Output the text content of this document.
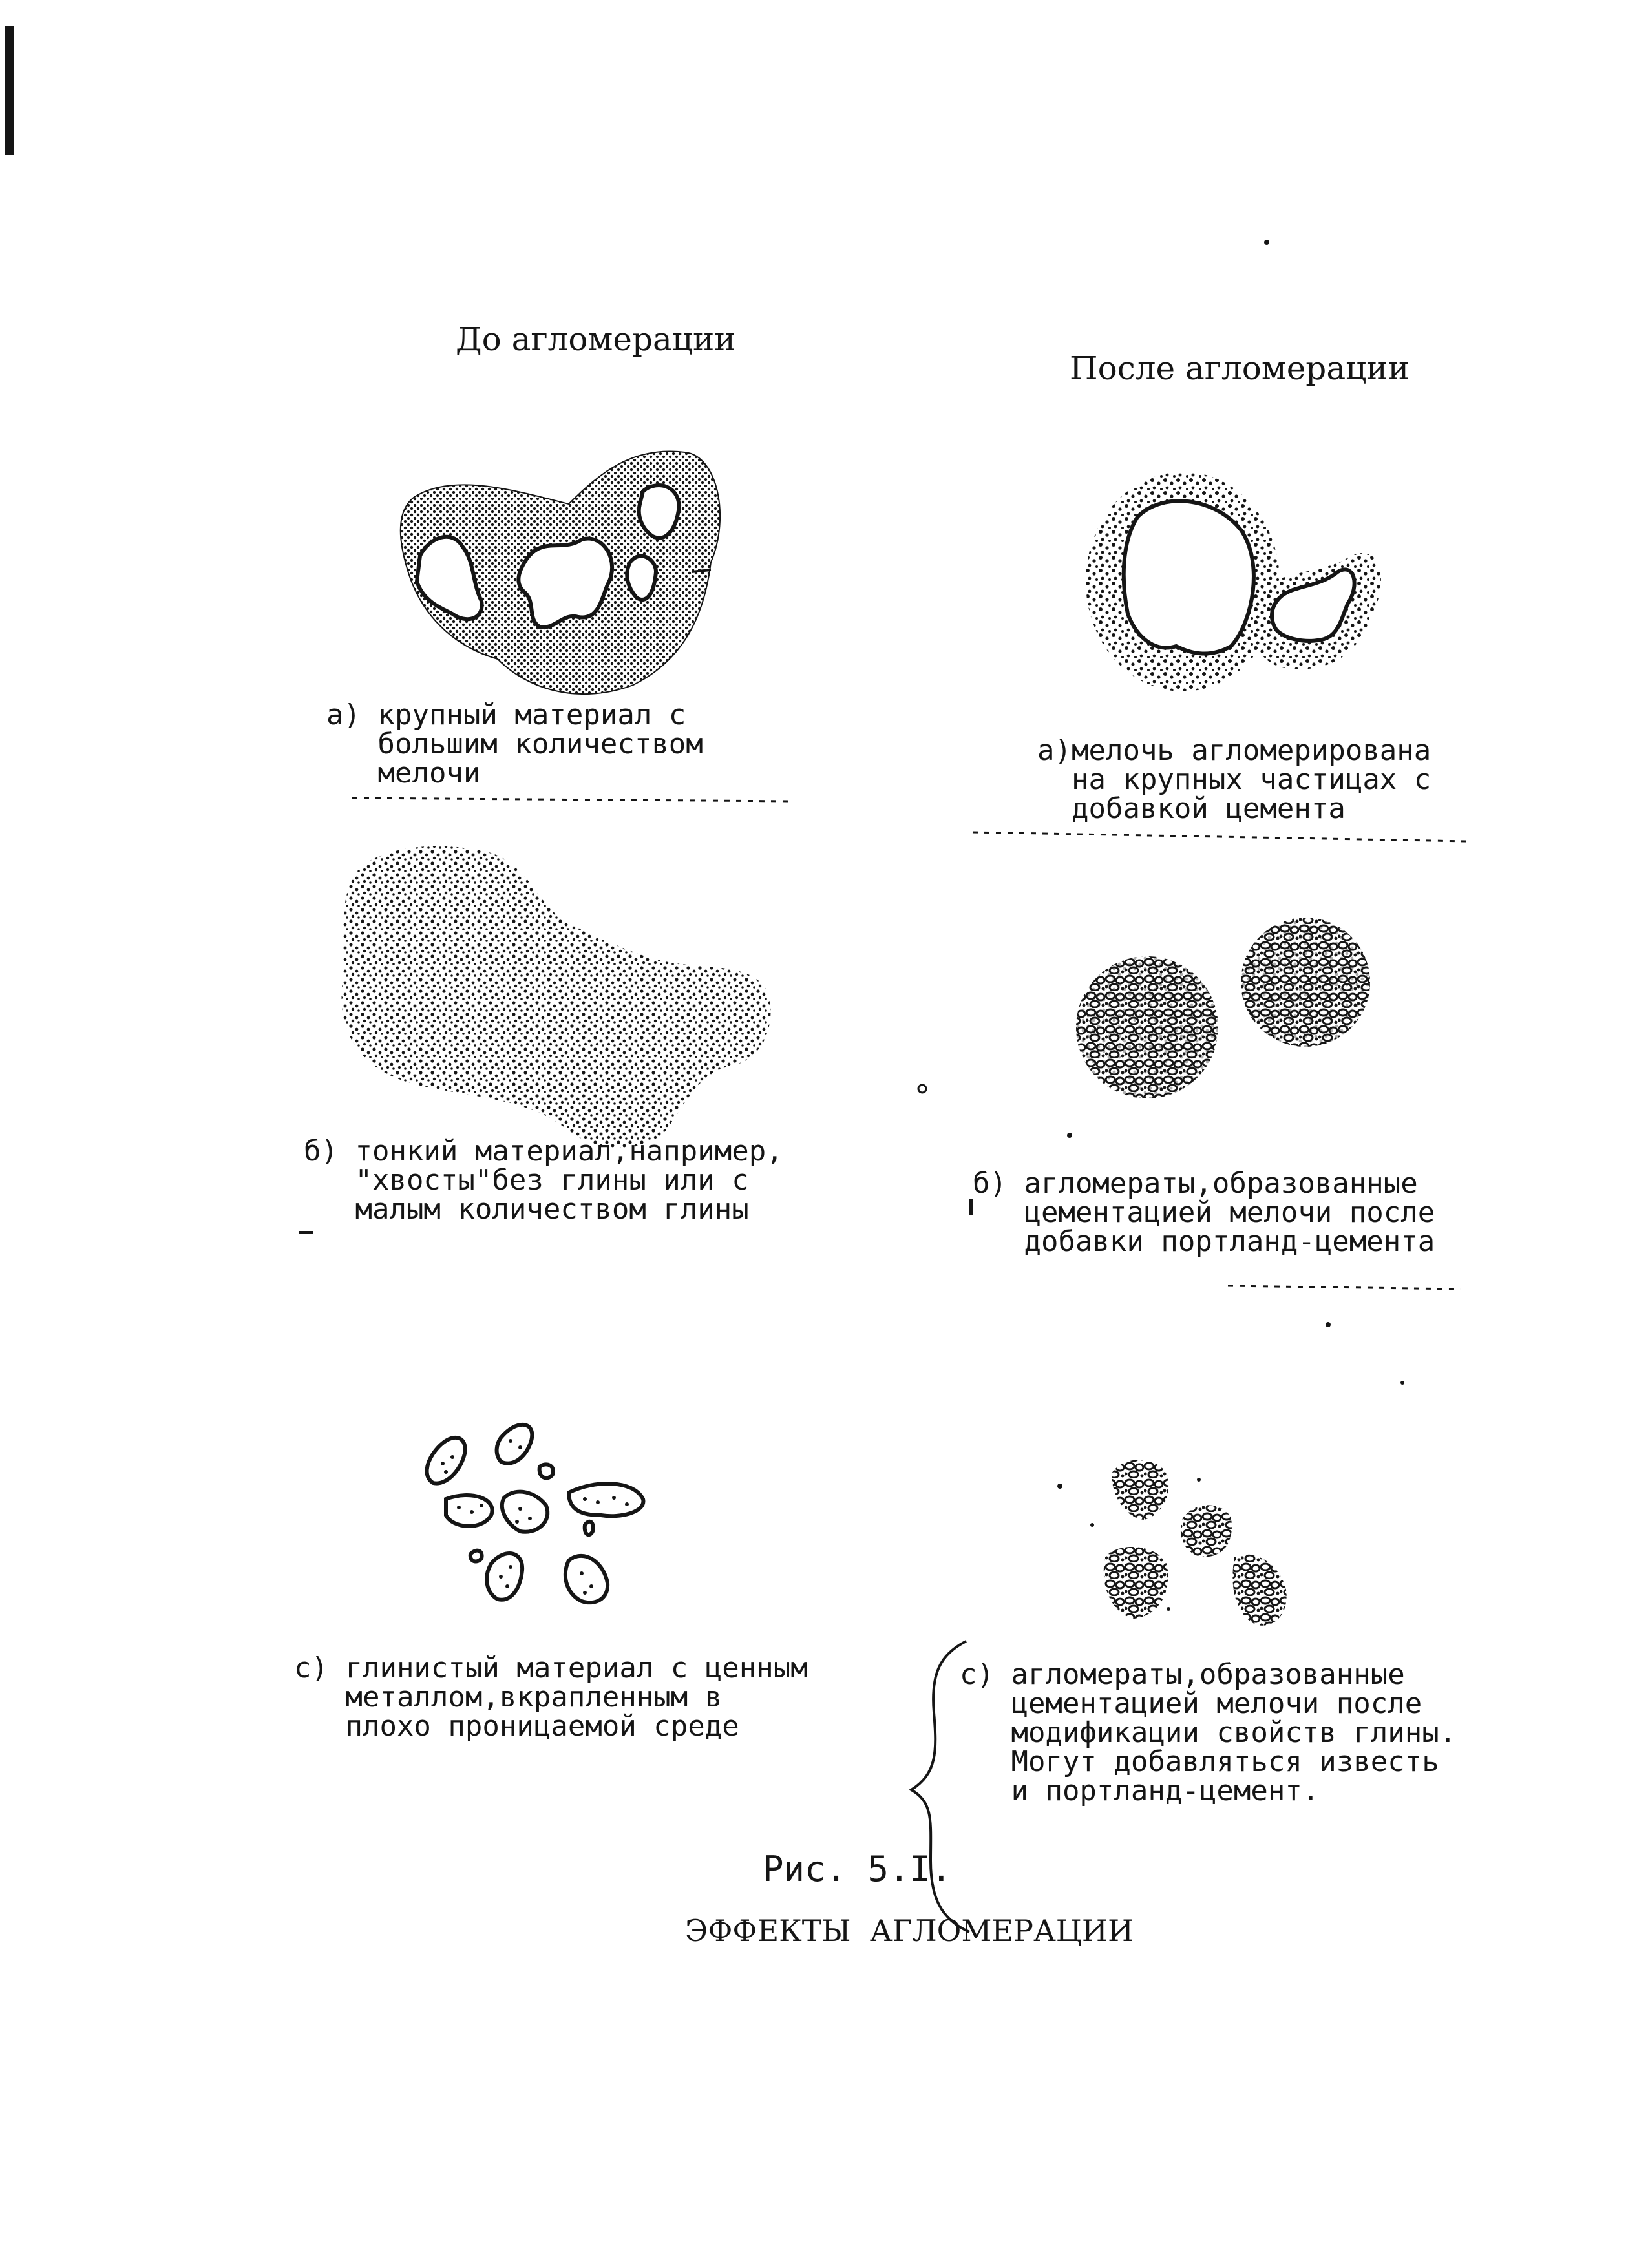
До агломерации
После агломерации
а) крупный материал с
большим количеством
мелочи
а)мелочь агломерирована
на крупных частицах с
добавкой цемента
б) тонкий материал,например,
"хвосты"без глины или с
малым количеством глины
б) агломераты,образованные
цементацией мелочи после
добавки портланд-цемента
с) глинистый материал с ценным
металлом,вкрапленным в
плохо проницаемой среде
с) агломераты,образованные
цементацией мелочи после
модификации свойств глины.
Могут добавляться известь
и портланд-цемент.
Рис. 5.I.
ЭФФЕКТЫ  АГЛОМЕРАЦИИ
